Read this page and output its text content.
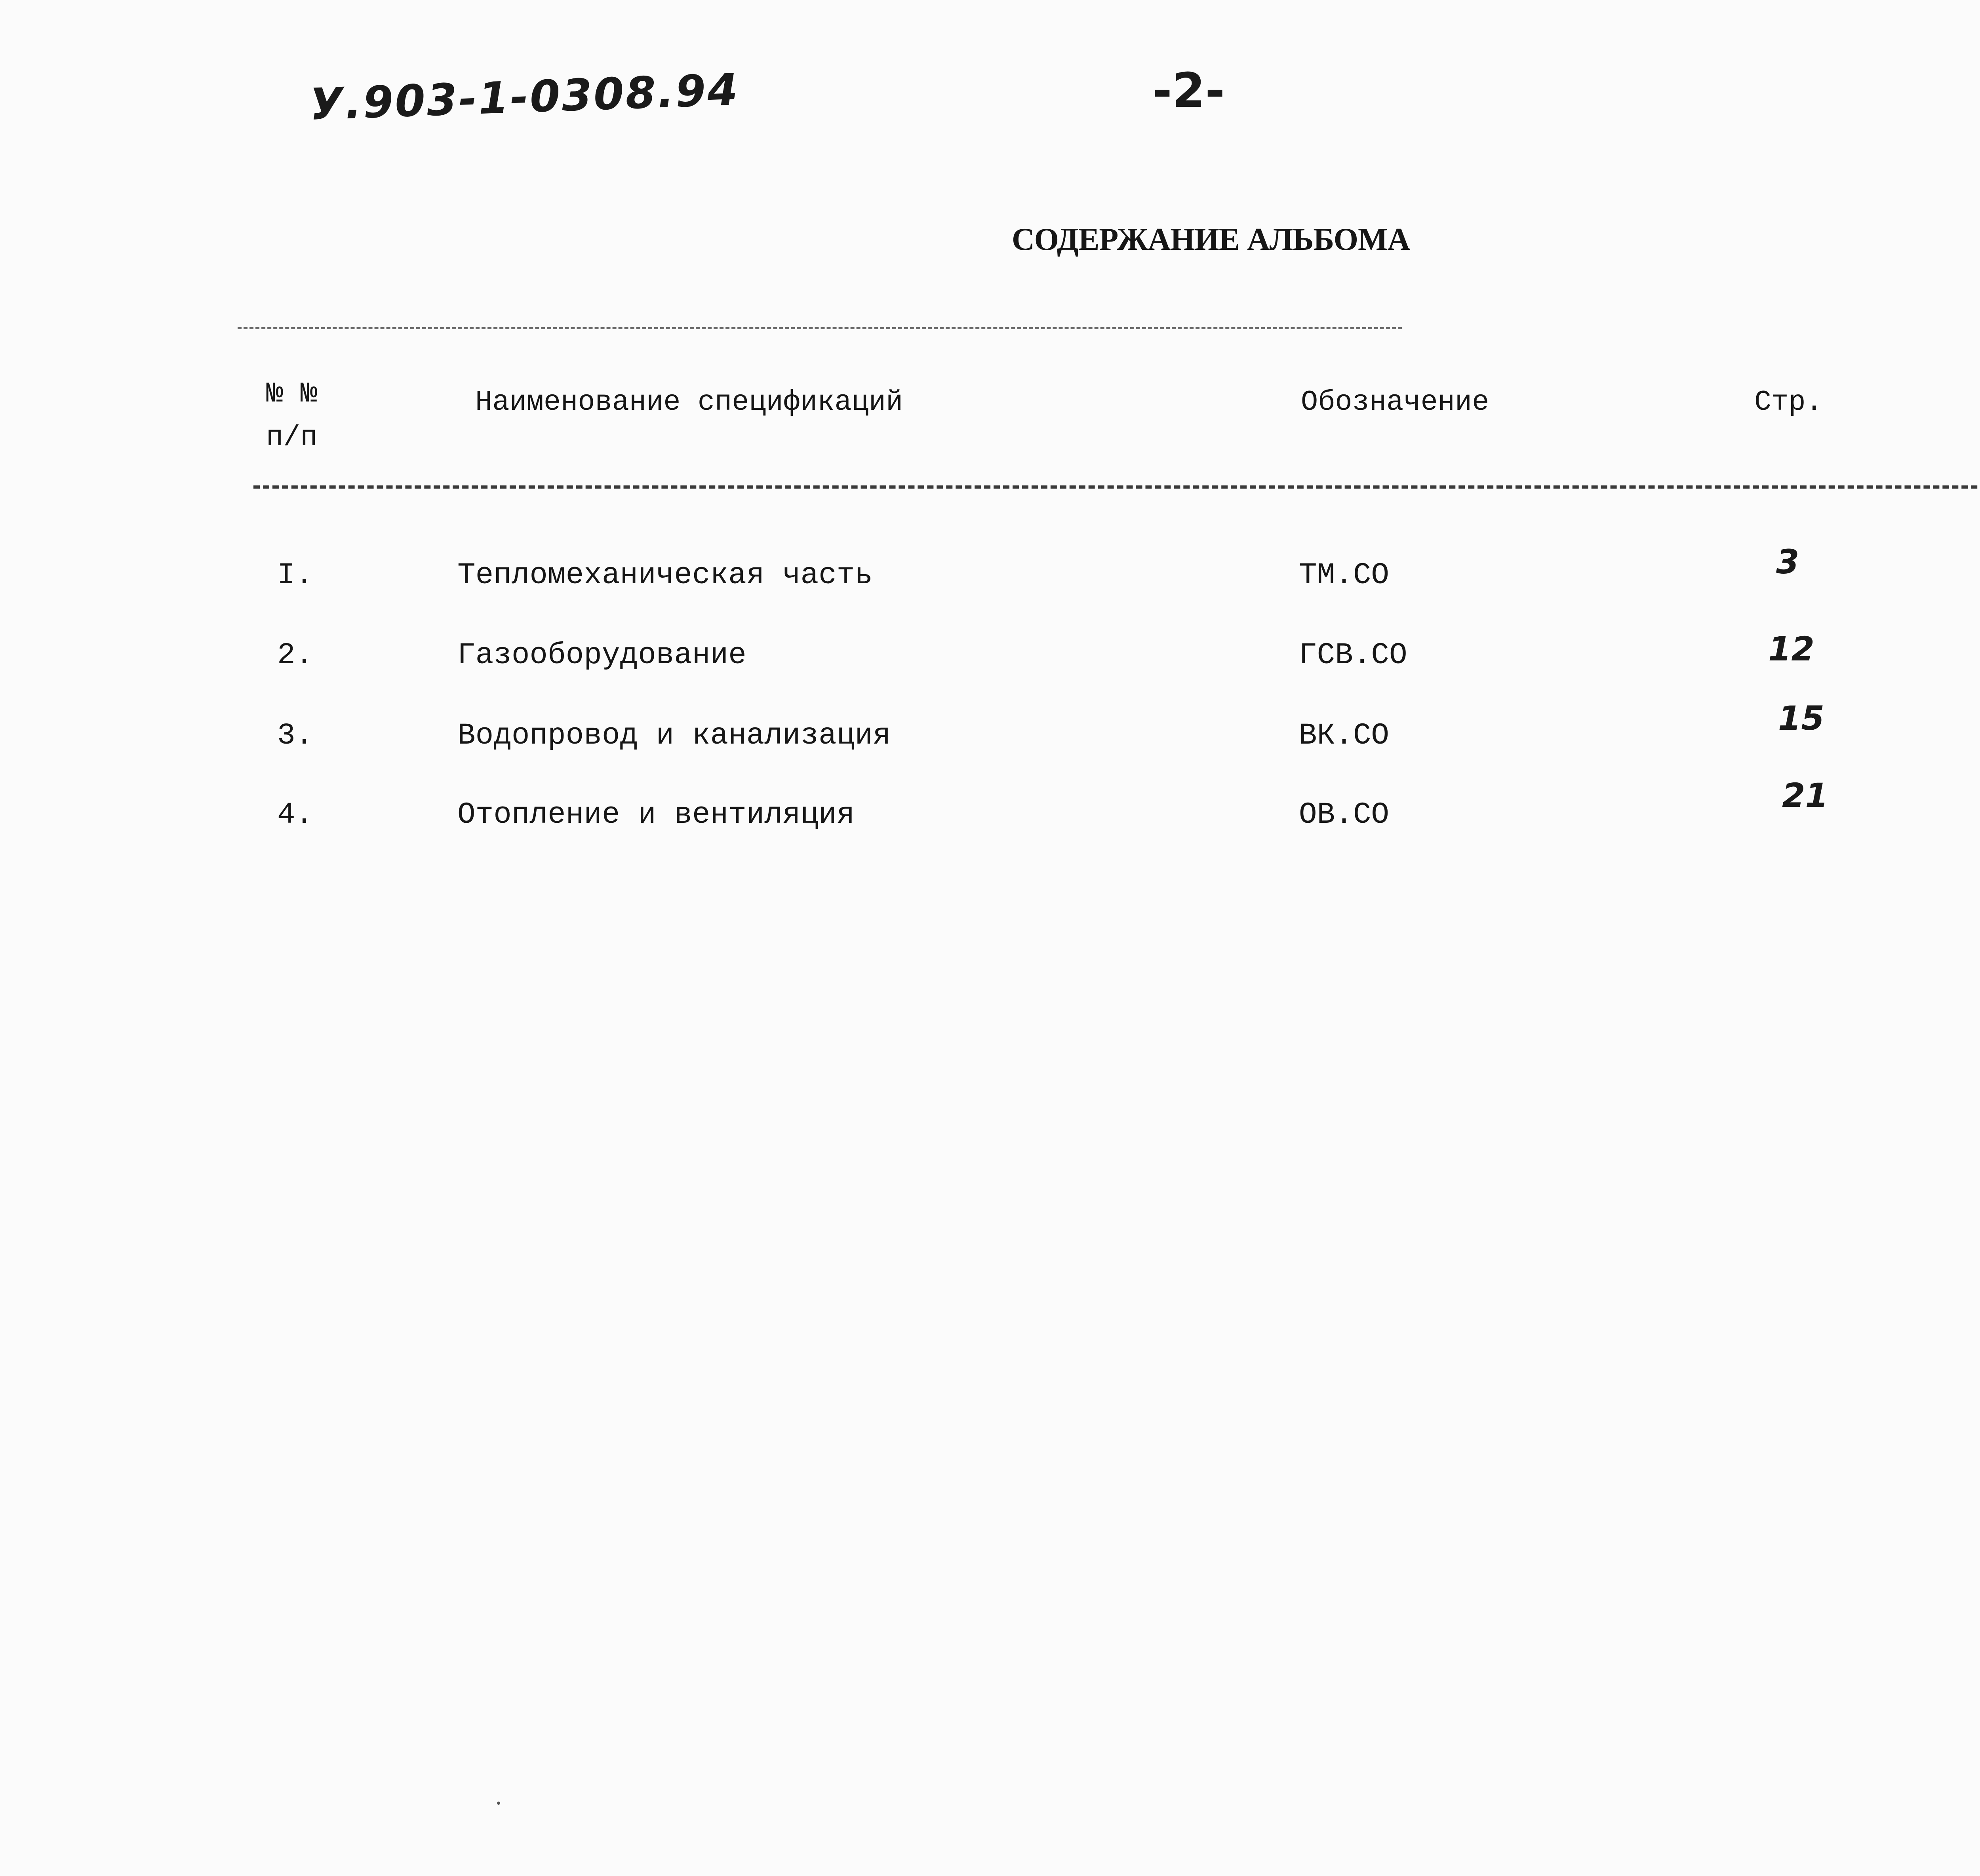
У.903-1-0308.94	-2-
СОДЕРЖАНИЕ АЛЬБОМА
№ №
п/п
Наименование спецификаций	Обозначение	Стр.
I.	Тепломеханическая часть	ТМ.СО	3
2.	Газооборудование	ГСВ.СО	12
3.	Водопровод и канализация	ВК.СО	15
4.	Отопление и вентиляция	ОВ.СО	21
